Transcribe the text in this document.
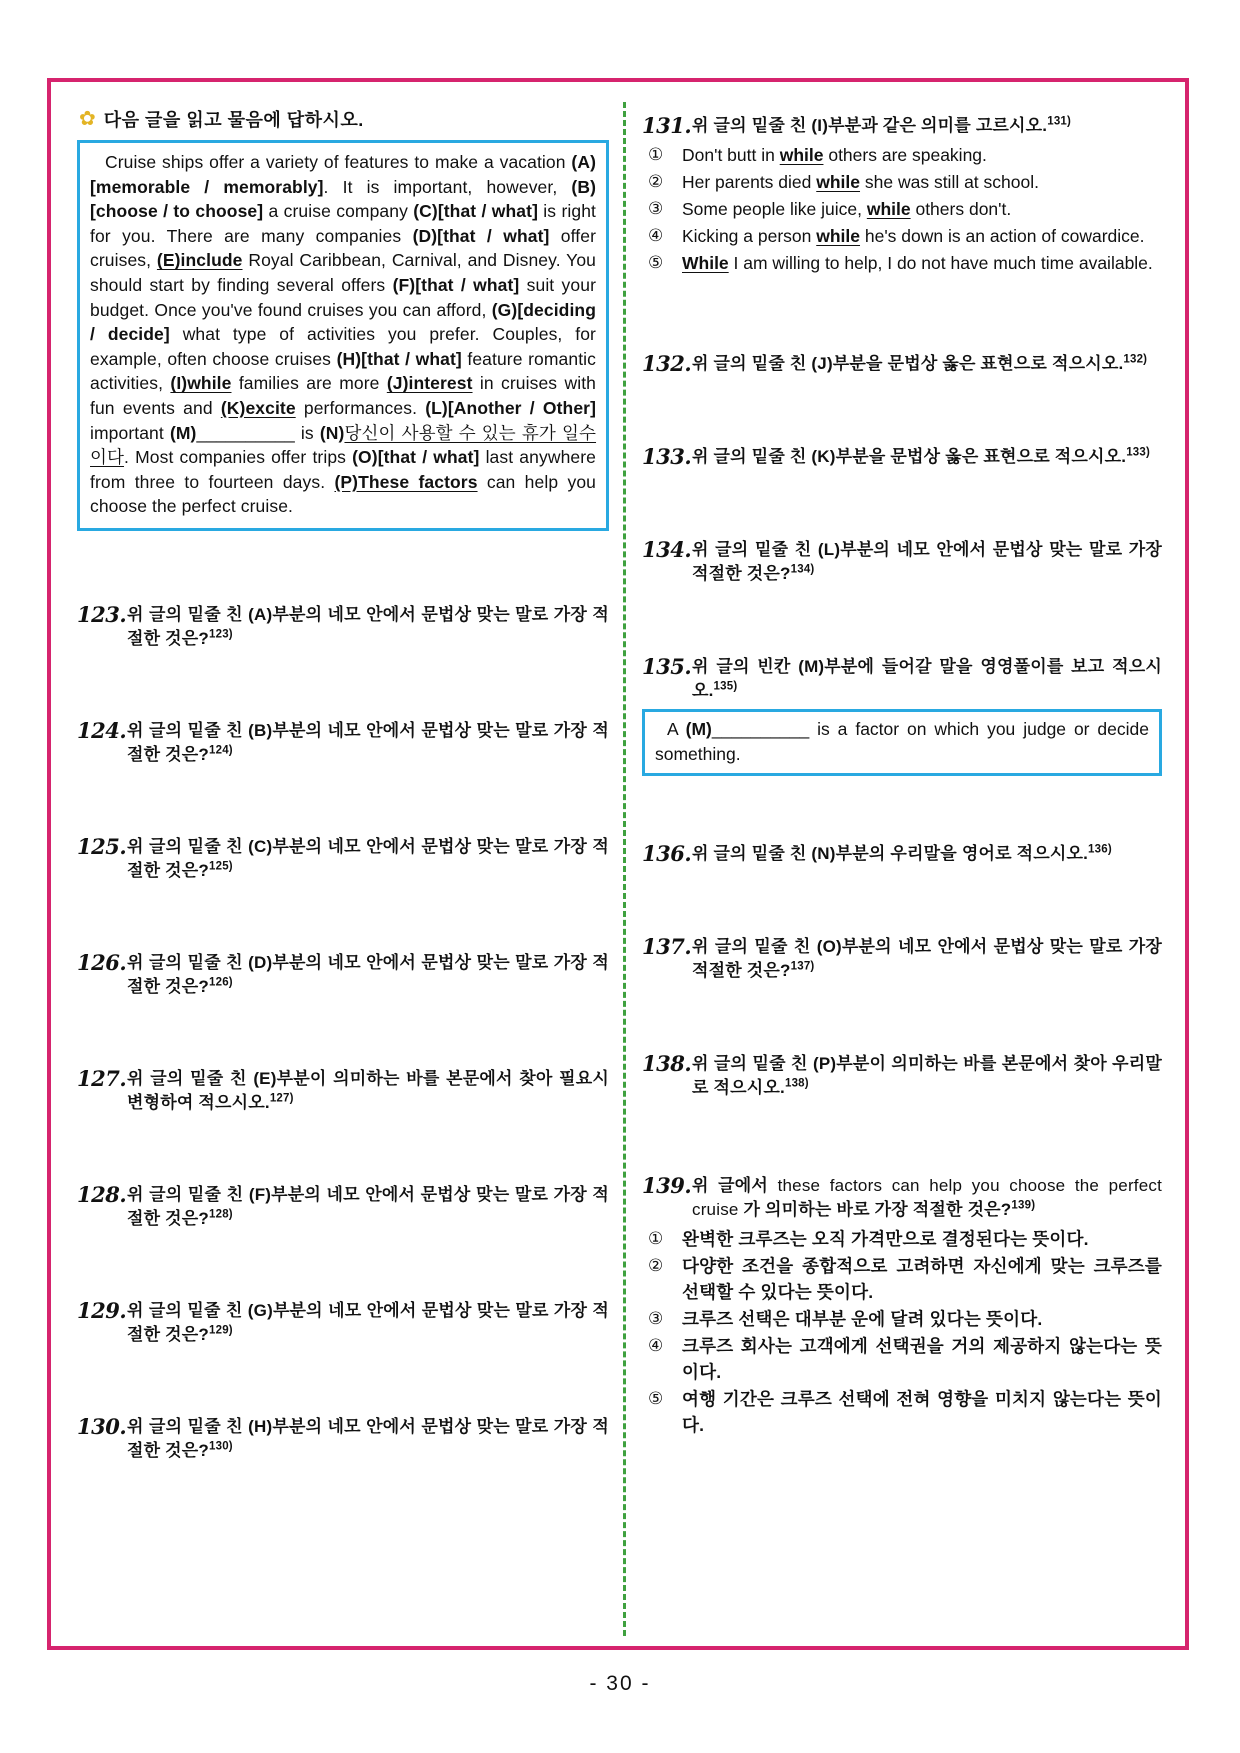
✿ 다음 글을 읽고 물음에 답하시오.
Cruise ships offer a variety of features to make a vacation (A)[memorable / memorably]. It is important, however, (B)[choose / to choose] a cruise company (C)[that / what] is right for you. There are many companies (D)[that / what] offer cruises, (E)include Royal Caribbean, Carnival, and Disney. You should start by finding several offers (F)[that / what] suit your budget. Once you've found cruises you can afford, (G)[deciding / decide] what type of activities you prefer. Couples, for example, often choose cruises (H)[that / what] feature romantic activities, (I)while families are more (J)interest in cruises with fun events and (K)excite performances. (L)[Another / Other] important (M)__________ is (N)당신이 사용할 수 있는 휴가 일수이다. Most companies offer trips (O)[that / what] last anywhere from three to fourteen days. (P)These factors can help you choose the perfect cruise.
123. 위 글의 밑줄 친 (A)부분의 네모 안에서 문법상 맞는 말로 가장 적절한 것은?$^{123)}$
124. 위 글의 밑줄 친 (B)부분의 네모 안에서 문법상 맞는 말로 가장 적절한 것은?$^{124)}$
125. 위 글의 밑줄 친 (C)부분의 네모 안에서 문법상 맞는 말로 가장 적절한 것은?$^{125)}$
126. 위 글의 밑줄 친 (D)부분의 네모 안에서 문법상 맞는 말로 가장 적절한 것은?$^{126)}$
127. 위 글의 밑줄 친 (E)부분이 의미하는 바를 본문에서 찾아 필요시 변형하여 적으시오.$^{127)}$
128. 위 글의 밑줄 친 (F)부분의 네모 안에서 문법상 맞는 말로 가장 적절한 것은?$^{128)}$
129. 위 글의 밑줄 친 (G)부분의 네모 안에서 문법상 맞는 말로 가장 적절한 것은?$^{129)}$
130. 위 글의 밑줄 친 (H)부분의 네모 안에서 문법상 맞는 말로 가장 적절한 것은?$^{130)}$
131. 위 글의 밑줄 친 (I)부분과 같은 의미를 고르시오.$^{131)}$
①	Don't butt in while others are speaking.
②	Her parents died while she was still at school.
③	Some people like juice, while others don't.
④	Kicking a person while he's down is an action of cowardice.
⑤	While I am willing to help, I do not have much time available.
132. 위 글의 밑줄 친 (J)부분을 문법상 옳은 표현으로 적으시오.$^{132)}$
133. 위 글의 밑줄 친 (K)부분을 문법상 옳은 표현으로 적으시오.$^{133)}$
134. 위 글의 밑줄 친 (L)부분의 네모 안에서 문법상 맞는 말로 가장 적절한 것은?$^{134)}$
135. 위 글의 빈칸 (M)부분에 들어갈 말을 영영풀이를 보고 적으시오.$^{135)}$
A (M)__________ is a factor on which you judge or decide something.
136. 위 글의 밑줄 친 (N)부분의 우리말을 영어로 적으시오.$^{136)}$
137. 위 글의 밑줄 친 (O)부분의 네모 안에서 문법상 맞는 말로 가장 적절한 것은?$^{137)}$
138. 위 글의 밑줄 친 (P)부분이 의미하는 바를 본문에서 찾아 우리말로 적으시오.$^{138)}$
139. 위 글에서 these factors can help you choose the perfect cruise 가 의미하는 바로 가장 적절한 것은?$^{139)}$
①	완벽한 크루즈는 오직 가격만으로 결정된다는 뜻이다.
②	다양한 조건을 종합적으로 고려하면 자신에게 맞는 크루즈를 선택할 수 있다는 뜻이다.
③	크루즈 선택은 대부분 운에 달려 있다는 뜻이다.
④	크루즈 회사는 고객에게 선택권을 거의 제공하지 않는다는 뜻이다.
⑤	여행 기간은 크루즈 선택에 전혀 영향을 미치지 않는다는 뜻이다.
- 30 -
